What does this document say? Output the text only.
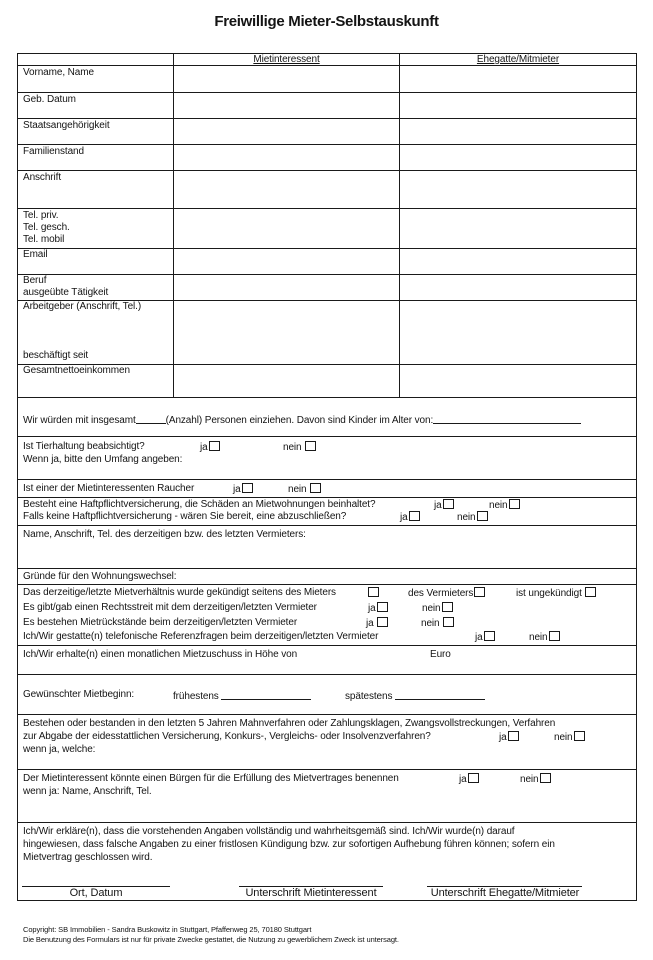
Freiwillige Mieter-Selbstauskunft
Mietinteressent	Ehegatte/Mitmieter
Vorname, Name
Geb. Datum
Staatsangehörigkeit
Familienstand
Anschrift
Tel. priv.
Tel. gesch.
Tel. mobil
Email
Beruf
ausgeübte Tätigkeit
Arbeitgeber (Anschrift, Tel.)
beschäftigt seit
Gesamtnettoeinkommen
Wir würden mit insgesamt	(Anzahl) Personen einziehen. Davon sind Kinder im Alter von:
Ist Tierhaltung beabsichtigt?	ja	nein
Wenn ja, bitte den Umfang angeben:
Ist einer der Mietinteressenten Raucher	ja	nein
Besteht eine Haftpflichtversicherung, die Schäden an Mietwohnungen beinhaltet?	ja	nein
Falls keine Haftpflichtversicherung - wären Sie bereit, eine abzuschließen?	ja	nein
Name, Anschrift, Tel. des derzeitigen bzw. des letzten Vermieters:
Gründe für den Wohnungswechsel:
Das derzeitige/letzte Mietverhältnis wurde gekündigt seitens des Mieters	des Vermieters	ist ungekündigt
Es gibt/gab einen Rechtsstreit mit dem derzeitigen/letzten Vermieter	ja	nein
Es bestehen Mietrückstände beim derzeitigen/letzten Vermieter	ja	nein
Ich/Wir gestatte(n) telefonische Referenzfragen beim derzeitigen/letzten Vermieter	ja	nein
Ich/Wir erhalte(n) einen monatlichen Mietzuschuss in Höhe von	Euro
Gewünschter Mietbeginn:	frühestens	spätestens
Bestehen oder bestanden in den letzten 5 Jahren Mahnverfahren oder Zahlungsklagen, Zwangsvollstreckungen, Verfahren
zur Abgabe der eidesstattlichen Versicherung, Konkurs-, Vergleichs- oder Insolvenzverfahren?	ja	nein
wenn ja, welche:
Der Mietinteressent könnte einen Bürgen für die Erfüllung des Mietvertrages benennen	ja	nein
wenn ja: Name, Anschrift, Tel.
Ich/Wir erkläre(n), dass die vorstehenden Angaben vollständig und wahrheitsgemäß sind. Ich/Wir wurde(n) darauf
hingewiesen, dass falsche Angaben zu einer fristlosen Kündigung bzw. zur sofortigen Aufhebung führen können; sofern ein
Mietvertrag geschlossen wird.
Ort, Datum	Unterschrift Mietinteressent	Unterschrift Ehegatte/Mitmieter
Copyright: SB Immobilien - Sandra Buskowitz in Stuttgart, Pfaffenweg 25, 70180 Stuttgart
Die Benutzung des Formulars ist nur für private Zwecke gestattet, die Nutzung zu gewerblichem Zweck ist untersagt.
